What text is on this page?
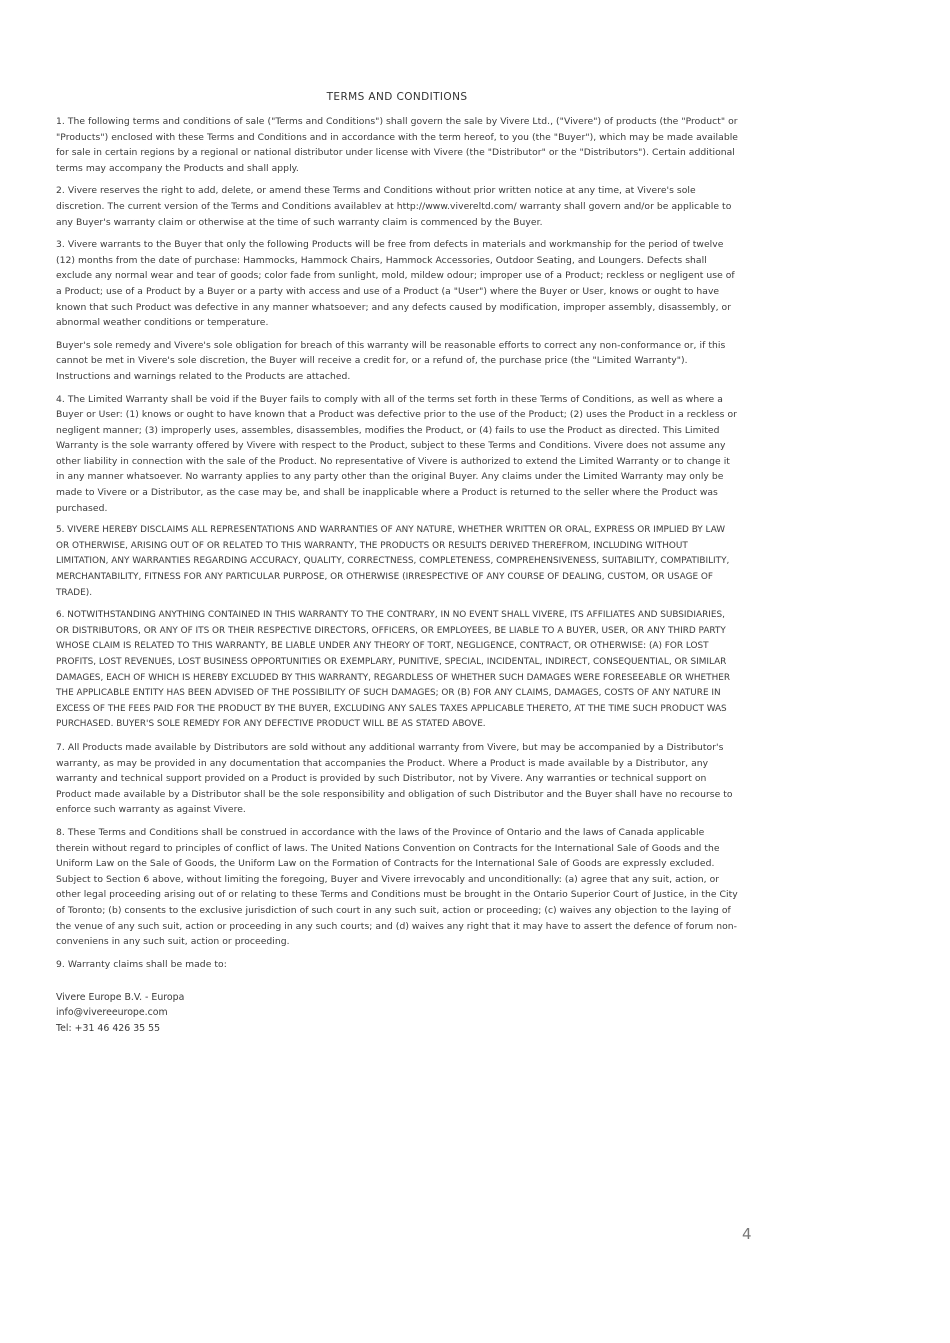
TERMS AND CONDITIONS

1. The following terms and conditions of sale ("Terms and Conditions") shall govern the sale by Vivere Ltd., ("Vivere") of products (the "Product" or "Products") enclosed with these Terms and Conditions and in accordance with the term hereof, to you (the "Buyer"), which may be made available for sale in certain regions by a regional or national distributor under license with Vivere (the "Distributor" or the "Distributors"). Certain additional terms may accompany the Products and shall apply.

2. Vivere reserves the right to add, delete, or amend these Terms and Conditions without prior written notice at any time, at Vivere's sole discretion. The current version of the Terms and Conditions availablev at http://www.vivereltd.com/ warranty shall govern and/or be applicable to any Buyer's warranty claim or otherwise at the time of such warranty claim is commenced by the Buyer.

3. Vivere warrants to the Buyer that only the following Products will be free from defects in materials and workmanship for the period of twelve (12) months from the date of purchase: Hammocks, Hammock Chairs, Hammock Accessories, Outdoor Seating, and Loungers. Defects shall exclude any normal wear and tear of goods; color fade from sunlight, mold, mildew odour; improper use of a Product; reckless or negligent use of a Product; use of a Product by a Buyer or a party with access and use of a Product (a "User") where the Buyer or User, knows or ought to have known that such Product was defective in any manner whatsoever; and any defects caused by modification, improper assembly, disassembly, or abnormal weather conditions or temperature.

Buyer's sole remedy and Vivere's sole obligation for breach of this warranty will be reasonable efforts to correct any non-conformance or, if this cannot be met in Vivere's sole discretion, the Buyer will receive a credit for, or a refund of, the purchase price (the "Limited Warranty"). Instructions and warnings related to the Products are attached.

4. The Limited Warranty shall be void if the Buyer fails to comply with all of the terms set forth in these Terms of Conditions, as well as where a Buyer or User: (1) knows or ought to have known that a Product was defective prior to the use of the Product; (2) uses the Product in a reckless or negligent manner; (3) improperly uses, assembles, disassembles, modifies the Product, or (4) fails to use the Product as directed. This Limited Warranty is the sole warranty offered by Vivere with respect to the Product, subject to these Terms and Conditions. Vivere does not assume any other liability in connection with the sale of the Product. No representative of Vivere is authorized to extend the Limited Warranty or to change it in any manner whatsoever. No warranty applies to any party other than the original Buyer. Any claims under the Limited Warranty may only be made to Vivere or a Distributor, as the case may be, and shall be inapplicable where a Product is returned to the seller where the Product was purchased.

5. VIVERE HEREBY DISCLAIMS ALL REPRESENTATIONS AND WARRANTIES OF ANY NATURE, WHETHER WRITTEN OR ORAL, EXPRESS OR IMPLIED BY LAW OR OTHERWISE, ARISING OUT OF OR RELATED TO THIS WARRANTY, THE PRODUCTS OR RESULTS DERIVED THEREFROM, INCLUDING WITHOUT LIMITATION, ANY WARRANTIES REGARDING ACCURACY, QUALITY, CORRECTNESS, COMPLETENESS, COMPREHENSIVENESS, SUITABILITY, COMPATIBILITY, MERCHANTABILITY, FITNESS FOR ANY PARTICULAR PURPOSE, OR OTHERWISE (IRRESPECTIVE OF ANY COURSE OF DEALING, CUSTOM, OR USAGE OF TRADE).

6. NOTWITHSTANDING ANYTHING CONTAINED IN THIS WARRANTY TO THE CONTRARY, IN NO EVENT SHALL VIVERE, ITS AFFILIATES AND SUBSIDIARIES, OR DISTRIBUTORS, OR ANY OF ITS OR THEIR RESPECTIVE DIRECTORS, OFFICERS, OR EMPLOYEES, BE LIABLE TO A BUYER, USER, OR ANY THIRD PARTY WHOSE CLAIM IS RELATED TO THIS WARRANTY, BE LIABLE UNDER ANY THEORY OF TORT, NEGLIGENCE, CONTRACT, OR OTHERWISE: (A) FOR LOST PROFITS, LOST REVENUES, LOST BUSINESS OPPORTUNITIES OR EXEMPLARY, PUNITIVE, SPECIAL, INCIDENTAL, INDIRECT, CONSEQUENTIAL, OR SIMILAR DAMAGES, EACH OF WHICH IS HEREBY EXCLUDED BY THIS WARRANTY, REGARDLESS OF WHETHER SUCH DAMAGES WERE FORESEEABLE OR WHETHER THE APPLICABLE ENTITY HAS BEEN ADVISED OF THE POSSIBILITY OF SUCH DAMAGES; OR (B) FOR ANY CLAIMS, DAMAGES, COSTS OF ANY NATURE IN EXCESS OF THE FEES PAID FOR THE PRODUCT BY THE BUYER, EXCLUDING ANY SALES TAXES APPLICABLE THERETO, AT THE TIME SUCH PRODUCT WAS PURCHASED. BUYER'S SOLE REMEDY FOR ANY DEFECTIVE PRODUCT WILL BE AS STATED ABOVE.

7. All Products made available by Distributors are sold without any additional warranty from Vivere, but may be accompanied by a Distributor's warranty, as may be provided in any documentation that accompanies the Product. Where a Product is made available by a Distributor, any warranty and technical support provided on a Product is provided by such Distributor, not by Vivere. Any warranties or technical support on Product made available by a Distributor shall be the sole responsibility and obligation of such Distributor and the Buyer shall have no recourse to enforce such warranty as against Vivere.

8. These Terms and Conditions shall be construed in accordance with the laws of the Province of Ontario and the laws of Canada applicable therein without regard to principles of conflict of laws. The United Nations Convention on Contracts for the International Sale of Goods and the Uniform Law on the Sale of Goods, the Uniform Law on the Formation of Contracts for the International Sale of Goods are expressly excluded. Subject to Section 6 above, without limiting the foregoing, Buyer and Vivere irrevocably and unconditionally: (a) agree that any suit, action, or other legal proceeding arising out of or relating to these Terms and Conditions must be brought in the Ontario Superior Court of Justice, in the City of Toronto; (b) consents to the exclusive jurisdiction of such court in any such suit, action or proceeding; (c) waives any objection to the laying of the venue of any such suit, action or proceeding in any such courts; and (d) waives any right that it may have to assert the defence of forum non-conveniens in any such suit, action or proceeding.

9. Warranty claims shall be made to:

Vivere Europe B.V. - Europa
info@vivereeurope.com
Tel: +31 46 426 35 55
4
